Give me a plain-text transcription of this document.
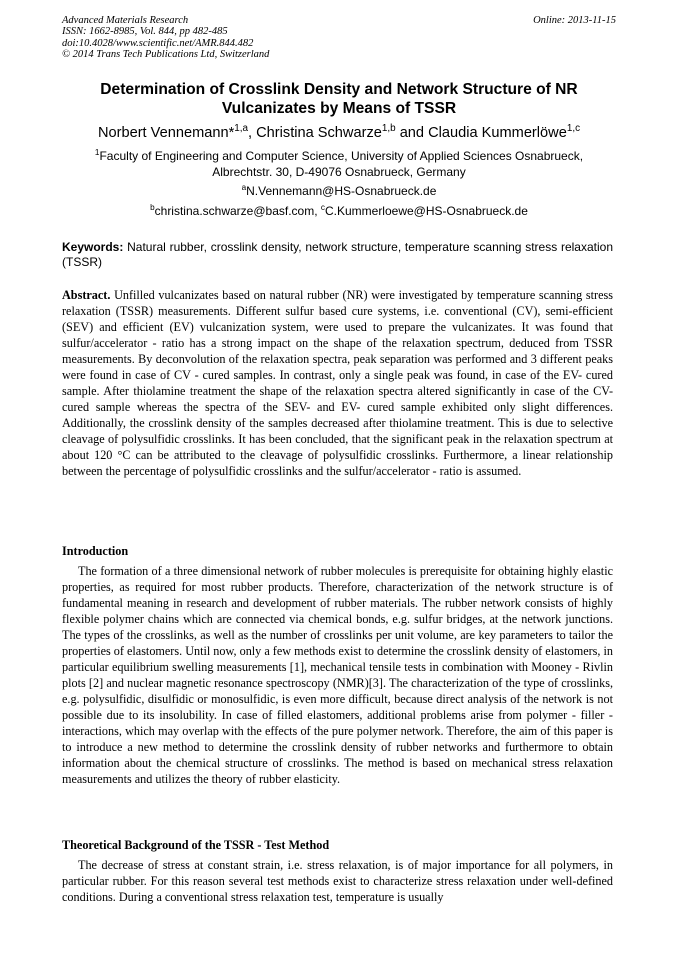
Advanced Materials Research
ISSN: 1662-8985, Vol. 844, pp 482-485
doi:10.4028/www.scientific.net/AMR.844.482
© 2014 Trans Tech Publications Ltd, Switzerland
Online: 2013-11-15
Determination of Crosslink Density and Network Structure of NR Vulcanizates by Means of TSSR
Norbert Vennemann*$^{1,a}$, Christina Schwarze$^{1,b}$ and Claudia Kummerlöwe$^{1,c}$
$^1$Faculty of Engineering and Computer Science, University of Applied Sciences Osnabrueck,
Albrechtstr. 30, D-49076 Osnabrueck, Germany
$^a$N.Vennemann@HS-Osnabrueck.de
$^b$christina.schwarze@basf.com, $^c$C.Kummerloewe@HS-Osnabrueck.de
Keywords: Natural rubber, crosslink density, network structure, temperature scanning stress relaxation (TSSR)
Abstract. Unfilled vulcanizates based on natural rubber (NR) were investigated by temperature scanning stress relaxation (TSSR) measurements. Different sulfur based cure systems, i.e. conventional (CV), semi-efficient (SEV) and efficient (EV) vulcanization system, were used to prepare the vulcanizates. It was found that sulfur/accelerator - ratio has a strong impact on the shape of the relaxation spectrum, deduced from TSSR measurements. By deconvolution of the relaxation spectra, peak separation was performed and 3 different peaks were found in case of CV - cured samples. In contrast, only a single peak was found, in case of the EV- cured sample. After thiolamine treatment the shape of the relaxation spectra altered significantly in case of the CV- cured sample whereas the spectra of the SEV- and EV- cured sample exhibited only slight differences. Additionally, the crosslink density of the samples decreased after thiolamine treatment. This is due to selective cleavage of polysulfidic crosslinks. It has been concluded, that the significant peak in the relaxation spectrum at about 120 °C can be attributed to the cleavage of polysulfidic crosslinks. Furthermore, a linear relationship between the percentage of polysulfidic crosslinks and the sulfur/accelerator - ratio is assumed.
Introduction

The formation of a three dimensional network of rubber molecules is prerequisite for obtaining highly elastic properties, as required for most rubber products. Therefore, characterization of the network structure is of fundamental meaning in research and development of rubber materials. The rubber network consists of highly flexible polymer chains which are connected via chemical bonds, e.g. sulfur bridges, at the network junctions. The types of the crosslinks, as well as the number of crosslinks per unit volume, are key parameters to tailor the properties of elastomers. Until now, only a few methods exist to determine the crosslink density of elastomers, in particular equilibrium swelling measurements [1], mechanical tensile tests in combination with Mooney - Rivlin plots [2] and nuclear magnetic resonance spectroscopy (NMR)[3]. The characterization of the type of crosslinks, e.g. polysulfidic, disulfidic or monosulfidic, is even more difficult, because direct analysis of the network is not possible due to its insolubility. In case of filled elastomers, additional problems arise from polymer - filler - interactions, which may overlap with the effects of the pure polymer network. Therefore, the aim of this paper is to introduce a new method to determine the crosslink density of rubber networks and furthermore to obtain information about the chemical structure of crosslinks. The method is based on mechanical stress relaxation measurements and utilizes the theory of rubber elasticity.

Theoretical Background of the TSSR - Test Method

The decrease of stress at constant strain, i.e. stress relaxation, is of major importance for all polymers, in particular rubber. For this reason several test methods exist to characterize stress relaxation under well-defined conditions. During a conventional stress relaxation test, temperature is usually
